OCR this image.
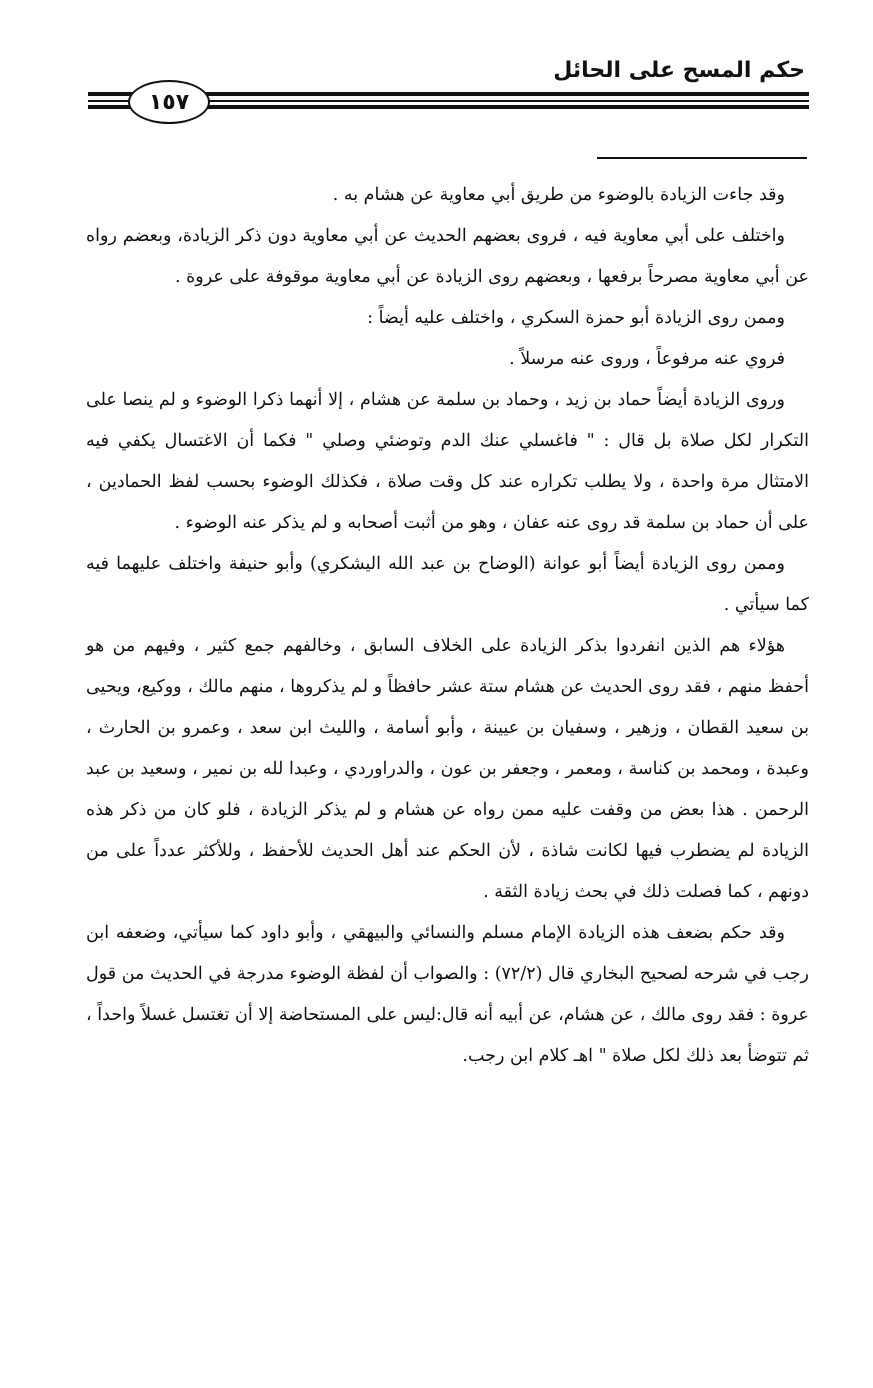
حكم المسح على الحائل
١٥٧

وقد جاءت الزيادة بالوضوء من طريق أبي معاوية عن هشام به .

واختلف على أبي معاوية فيه ، فروى بعضهم الحديث عن أبي معاوية دون ذكر الزيادة، وبعضم رواه عن أبي معاوية مصرحاً برفعها ، وبعضهم روى الزيادة عن أبي معاوية موقوفة على عروة .

وممن روى الزيادة أبو حمزة السكري ، واختلف عليه أيضاً :

فروي عنه مرفوعاً ، وروى عنه مرسلاً .

وروى الزيادة أيضاً حماد بن زيد ، وحماد بن سلمة عن هشام ، إلا أنهما ذكرا الوضوء و لم ينصا على التكرار لكل صلاة بل قال : " فاغسلي عنك الدم وتوضئي وصلي " فكما أن الاغتسال يكفي فيه الامتثال مرة واحدة ، ولا يطلب تكراره عند كل وقت صلاة ، فكذلك الوضوء بحسب لفظ الحمادين ، على أن حماد بن سلمة قد روى عنه عفان ، وهو من أثبت أصحابه و لم يذكر عنه الوضوء .

وممن روى الزيادة أيضاً أبو عوانة (الوضاح بن عبد الله اليشكري) وأبو حنيفة واختلف عليهما فيه كما سيأتي .

هؤلاء هم الذين انفردوا بذكر الزيادة على الخلاف السابق ، وخالفهم جمع كثير ، وفيهم من هو أحفظ منهم ، فقد روى الحديث عن هشام ستة عشر حافظاً و لم يذكروها ، منهم مالك ، ووكيع، ويحيى بن سعيد القطان ، وزهير ، وسفيان بن عيينة ، وأبو أسامة ، والليث ابن سعد ، وعمرو بن الحارث ، وعبدة ، ومحمد بن كناسة ، ومعمر ، وجعفر بن عون ، والدراوردي ، وعبدا لله بن نمير ، وسعيد بن عبد الرحمن . هذا بعض من وقفت عليه ممن رواه عن هشام و لم يذكر الزيادة ، فلو كان من ذكر هذه الزيادة لم يضطرب فيها لكانت شاذة ، لأن الحكم عند أهل الحديث للأحفظ ، وللأكثر عدداً على من دونهم ، كما فصلت ذلك في بحث زيادة الثقة .

وقد حكم بضعف هذه الزيادة الإمام مسلم والنسائي والبيهقي ، وأبو داود كما سيأتي، وضعفه ابن رجب في شرحه لصحيح البخاري قال (٧٢/٢) : والصواب أن لفظة الوضوء مدرجة في الحديث من قول عروة : فقد روى مالك ، عن هشام، عن أبيه أنه قال:ليس على المستحاضة إلا أن تغتسل غسلاً واحداً ، ثم تتوضأ بعد ذلك لكل صلاة " اهـ كلام ابن رجب.
